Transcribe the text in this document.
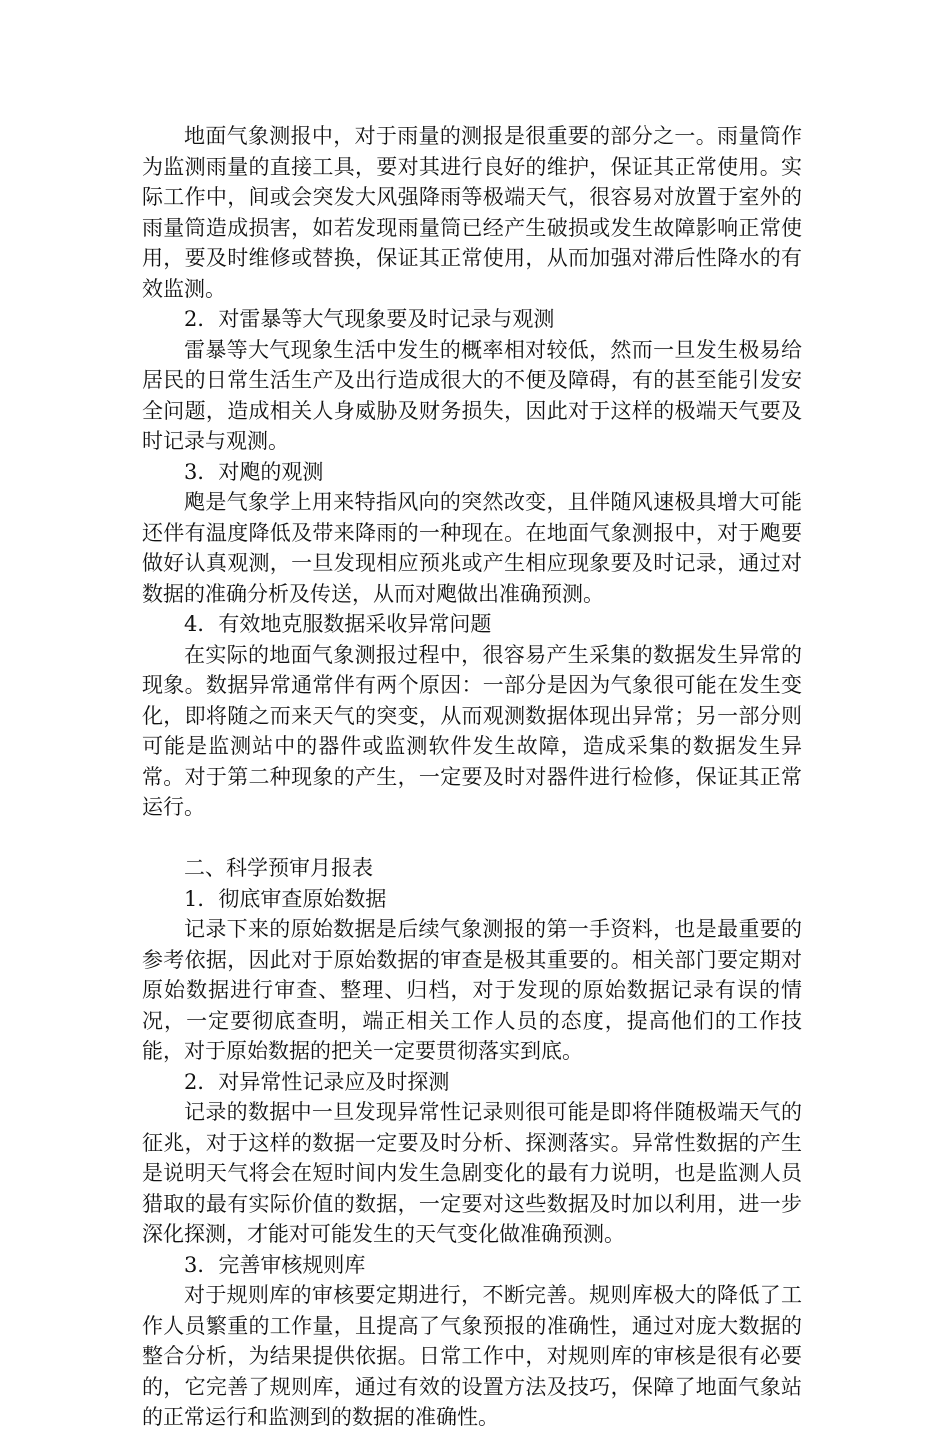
地面气象测报中，对于雨量的测报是很重要的部分之一。雨量筒作为监测雨量的直接工具，要对其进行良好的维护，保证其正常使用。实际工作中，间或会突发大风强降雨等极端天气，很容易对放置于室外的雨量筒造成损害，如若发现雨量筒已经产生破损或发生故障影响正常使用，要及时维修或替换，保证其正常使用，从而加强对滞后性降水的有效监测。

2．对雷暴等大气现象要及时记录与观测

雷暴等大气现象生活中发生的概率相对较低，然而一旦发生极易给居民的日常生活生产及出行造成很大的不便及障碍，有的甚至能引发安全问题，造成相关人身威胁及财务损失，因此对于这样的极端天气要及时记录与观测。

3．对飑的观测

飑是气象学上用来特指风向的突然改变，且伴随风速极具增大可能还伴有温度降低及带来降雨的一种现在。在地面气象测报中，对于飑要做好认真观测，一旦发现相应预兆或产生相应现象要及时记录，通过对数据的准确分析及传送，从而对飑做出准确预测。

4．有效地克服数据采收异常问题

在实际的地面气象测报过程中，很容易产生采集的数据发生异常的现象。数据异常通常伴有两个原因：一部分是因为气象很可能在发生变化，即将随之而来天气的突变，从而观测数据体现出异常；另一部分则可能是监测站中的器件或监测软件发生故障，造成采集的数据发生异常。对于第二种现象的产生，一定要及时对器件进行检修，保证其正常运行。

二、科学预审月报表

1．彻底审查原始数据

记录下来的原始数据是后续气象测报的第一手资料，也是最重要的参考依据，因此对于原始数据的审查是极其重要的。相关部门要定期对原始数据进行审查、整理、归档，对于发现的原始数据记录有误的情况，一定要彻底查明，端正相关工作人员的态度，提高他们的工作技能，对于原始数据的把关一定要贯彻落实到底。

2．对异常性记录应及时探测

记录的数据中一旦发现异常性记录则很可能是即将伴随极端天气的征兆，对于这样的数据一定要及时分析、探测落实。异常性数据的产生是说明天气将会在短时间内发生急剧变化的最有力说明，也是监测人员猎取的最有实际价值的数据，一定要对这些数据及时加以利用，进一步深化探测，才能对可能发生的天气变化做准确预测。

3．完善审核规则库

对于规则库的审核要定期进行，不断完善。规则库极大的降低了工作人员繁重的工作量，且提高了气象预报的准确性，通过对庞大数据的整合分析，为结果提供依据。日常工作中，对规则库的审核是很有必要的，它完善了规则库，通过有效的设置方法及技巧，保障了地面气象站的正常运行和监测到的数据的准确性。
